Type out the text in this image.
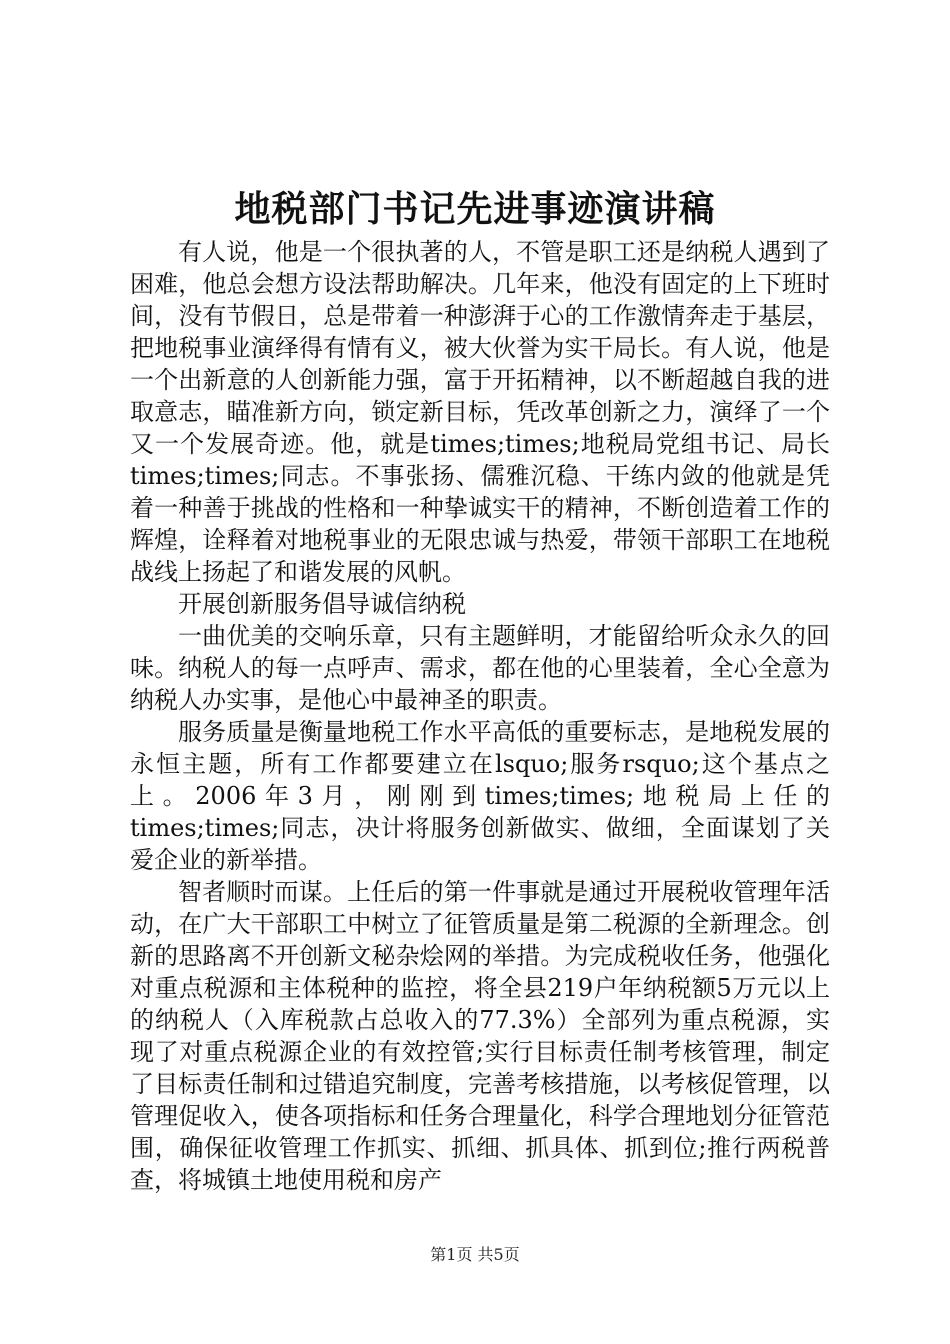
地税部门书记先进事迹演讲稿

有人说，他是一个很执著的人，不管是职工还是纳税人遇到了困难，他总会想方设法帮助解决。几年来，他没有固定的上下班时间，没有节假日，总是带着一种澎湃于心的工作激情奔走于基层，把地税事业演绎得有情有义，被大伙誉为实干局长。有人说，他是一个出新意的人创新能力强，富于开拓精神，以不断超越自我的进取意志，瞄准新方向，锁定新目标，凭改革创新之力，演绎了一个又一个发展奇迹。他，就是times;times;地税局党组书记、局长times;times;同志。不事张扬、儒雅沉稳、干练内敛的他就是凭着一种善于挑战的性格和一种挚诚实干的精神，不断创造着工作的辉煌，诠释着对地税事业的无限忠诚与热爱，带领干部职工在地税战线上扬起了和谐发展的风帆。

开展创新服务倡导诚信纳税

一曲优美的交响乐章，只有主题鲜明，才能留给听众永久的回味。纳税人的每一点呼声、需求，都在他的心里装着，全心全意为纳税人办实事，是他心中最神圣的职责。

服务质量是衡量地税工作水平高低的重要标志，是地税发展的永恒主题，所有工作都要建立在lsquo;服务rsquo;这个基点之上。2006年3月，刚刚到times;times;地税局上任的times;times;同志，决计将服务创新做实、做细，全面谋划了关爱企业的新举措。

智者顺时而谋。上任后的第一件事就是通过开展税收管理年活动，在广大干部职工中树立了征管质量是第二税源的全新理念。创新的思路离不开创新文秘杂烩网的举措。为完成税收任务，他强化对重点税源和主体税种的监控，将全县219户年纳税额5万元以上的纳税人（入库税款占总收入的77.3%）全部列为重点税源，实现了对重点税源企业的有效控管;实行目标责任制考核管理，制定了目标责任制和过错追究制度，完善考核措施，以考核促管理，以管理促收入，使各项指标和任务合理量化，科学合理地划分征管范围，确保征收管理工作抓实、抓细、抓具体、抓到位;推行两税普查，将城镇土地使用税和房产

第1页 共5页
